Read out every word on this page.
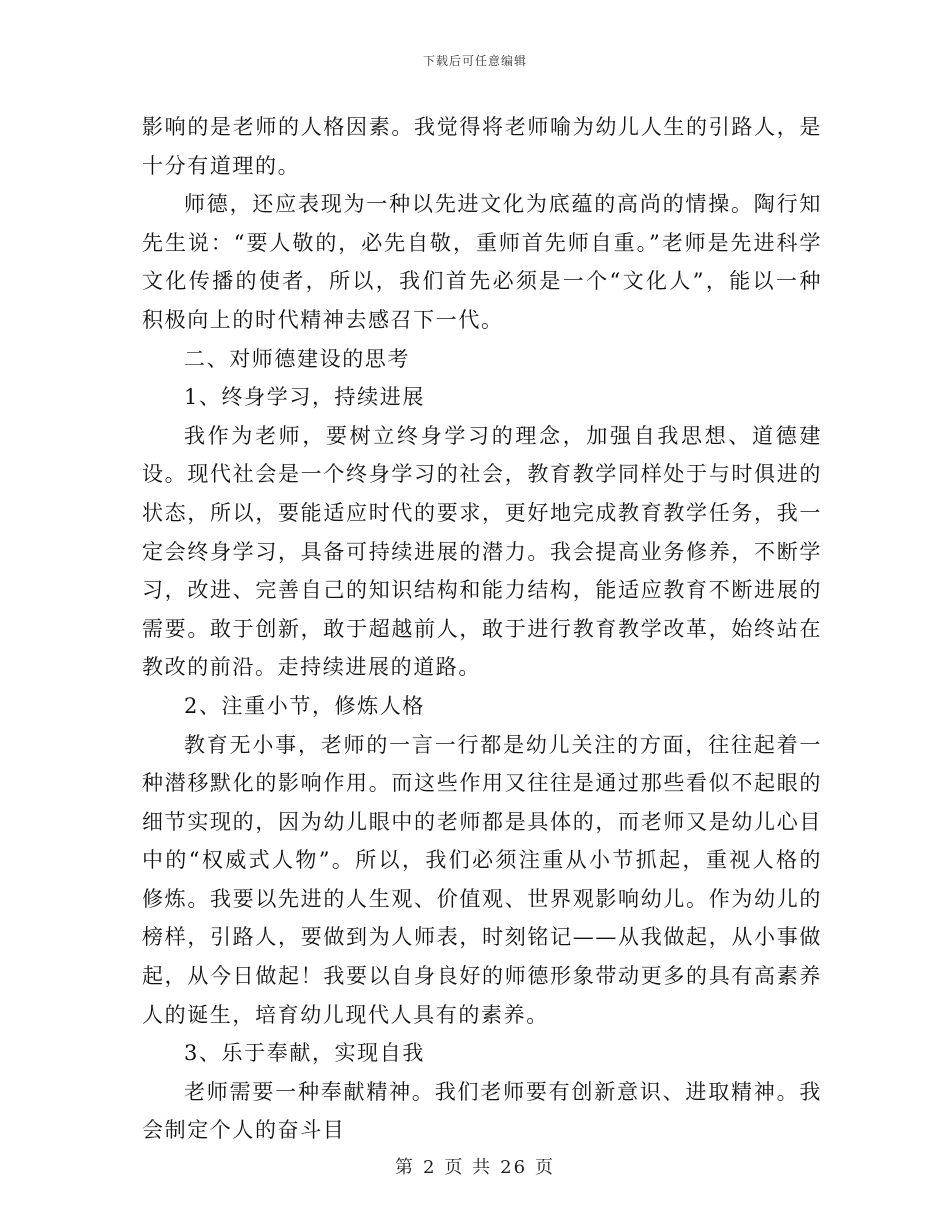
下载后可任意编辑

影响的是老师的人格因素。我觉得将老师喻为幼儿人生的引路人，是十分有道理的。

师德，还应表现为一种以先进文化为底蕴的高尚的情操。陶行知先生说：“要人敬的，必先自敬，重师首先师自重。”老师是先进科学文化传播的使者，所以，我们首先必须是一个“文化人”，能以一种积极向上的时代精神去感召下一代。

二、对师德建设的思考

1、终身学习，持续进展

我作为老师，要树立终身学习的理念，加强自我思想、道德建设。现代社会是一个终身学习的社会，教育教学同样处于与时俱进的状态，所以，要能适应时代的要求，更好地完成教育教学任务，我一定会终身学习，具备可持续进展的潜力。我会提高业务修养，不断学习，改进、完善自己的知识结构和能力结构，能适应教育不断进展的需要。敢于创新，敢于超越前人，敢于进行教育教学改革，始终站在教改的前沿。走持续进展的道路。

2、注重小节，修炼人格

教育无小事，老师的一言一行都是幼儿关注的方面，往往起着一种潜移默化的影响作用。而这些作用又往往是通过那些看似不起眼的细节实现的，因为幼儿眼中的老师都是具体的，而老师又是幼儿心目中的“权威式人物”。所以，我们必须注重从小节抓起，重视人格的修炼。我要以先进的人生观、价值观、世界观影响幼儿。作为幼儿的榜样，引路人，要做到为人师表，时刻铭记——从我做起，从小事做起，从今日做起！我要以自身良好的师德形象带动更多的具有高素养人的诞生，培育幼儿现代人具有的素养。

3、乐于奉献，实现自我

老师需要一种奉献精神。我们老师要有创新意识、进取精神。我会制定个人的奋斗目

第 2 页 共 26 页
